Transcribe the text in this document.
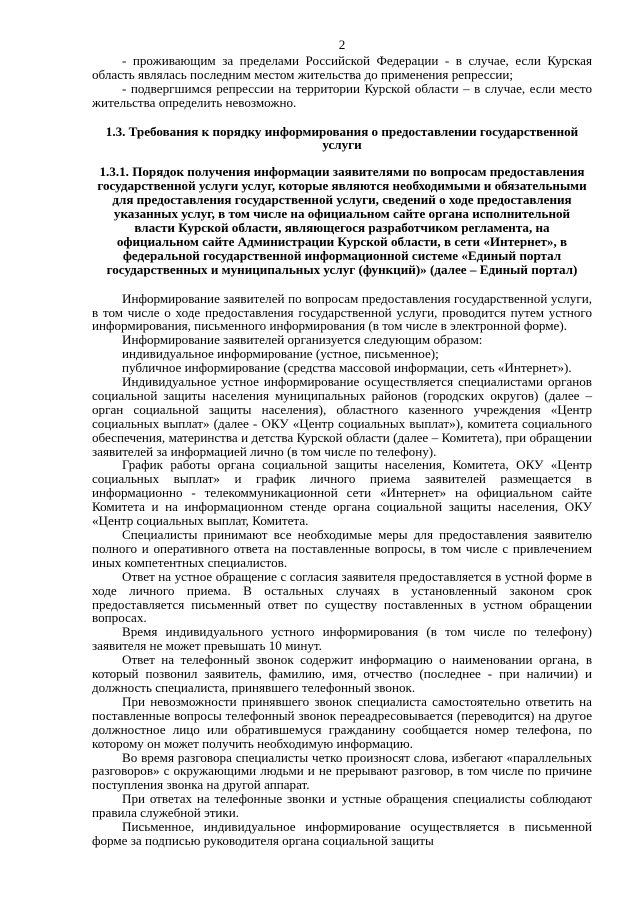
2

- проживающим за пределами Российской Федерации - в случае, если Курская область являлась последним местом жительства до применения репрессии;

- подвергшимся репрессии на территории Курской области – в случае, если место жительства определить невозможно.

1.3. Требования к порядку информирования о предоставлении государственной услуги

1.3.1. Порядок получения информации заявителями по вопросам предоставления государственной услуги услуг, которые являются необходимыми и обязательными для предоставления государственной услуги, сведений о ходе предоставления указанных услуг, в том числе на официальном сайте органа исполнительной власти Курской области, являющегося разработчиком регламента, на официальном сайте Администрации Курской области, в сети «Интернет», в федеральной государственной информационной системе «Единый портал государственных и муниципальных услуг (функций)» (далее – Единый портал)

Информирование заявителей по вопросам предоставления государственной услуги, в том числе о ходе предоставления государственной услуги, проводится путем устного информирования, письменного информирования (в том числе в электронной форме).

Информирование заявителей организуется следующим образом:

индивидуальное информирование (устное, письменное);

публичное информирование (средства массовой информации, сеть «Интернет»).

Индивидуальное устное информирование осуществляется специалистами органов социальной защиты населения муниципальных районов (городских округов) (далее – орган социальной защиты населения), областного казенного учреждения «Центр социальных выплат» (далее - ОКУ «Центр социальных выплат»), комитета социального обеспечения, материнства и детства Курской области (далее – Комитета), при обращении заявителей за информацией лично (в том числе по телефону).

График работы органа социальной защиты населения, Комитета, ОКУ «Центр социальных выплат» и график личного приема заявителей размещается в информационно - телекоммуникационной сети «Интернет» на официальном сайте Комитета и на информационном стенде органа социальной защиты населения, ОКУ «Центр социальных выплат, Комитета.

Специалисты принимают все необходимые меры для предоставления заявителю полного и оперативного ответа на поставленные вопросы, в том числе с привлечением иных компетентных специалистов.

Ответ на устное обращение с согласия заявителя предоставляется в устной форме в ходе личного приема. В остальных случаях в установленный законом срок предоставляется письменный ответ по существу поставленных в устном обращении вопросах.

Время индивидуального устного информирования (в том числе по телефону) заявителя не может превышать 10 минут.

Ответ на телефонный звонок содержит информацию о наименовании органа, в который позвонил заявитель, фамилию, имя, отчество (последнее - при наличии) и должность специалиста, принявшего телефонный звонок.

При невозможности принявшего звонок специалиста самостоятельно ответить на поставленные вопросы телефонный звонок переадресовывается (переводится) на другое должностное лицо или обратившемуся гражданину сообщается номер телефона, по которому он может получить необходимую информацию.

Во время разговора специалисты четко произносят слова, избегают «параллельных разговоров» с окружающими людьми и не прерывают разговор, в том числе по причине поступления звонка на другой аппарат.

При ответах на телефонные звонки и устные обращения специалисты соблюдают правила служебной этики.

Письменное, индивидуальное информирование осуществляется в письменной форме за подписью руководителя органа социальной защиты
